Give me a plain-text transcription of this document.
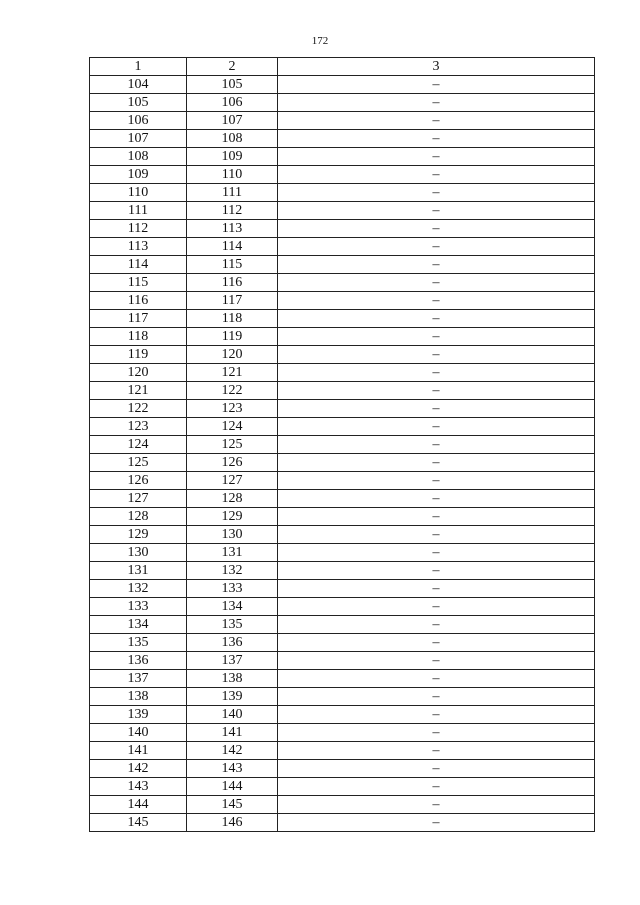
172
1	2	3
104	105	–
105	106	–
106	107	–
107	108	–
108	109	–
109	110	–
110	111	–
111	112	–
112	113	–
113	114	–
114	115	–
115	116	–
116	117	–
117	118	–
118	119	–
119	120	–
120	121	–
121	122	–
122	123	–
123	124	–
124	125	–
125	126	–
126	127	–
127	128	–
128	129	–
129	130	–
130	131	–
131	132	–
132	133	–
133	134	–
134	135	–
135	136	–
136	137	–
137	138	–
138	139	–
139	140	–
140	141	–
141	142	–
142	143	–
143	144	–
144	145	–
145	146	–
